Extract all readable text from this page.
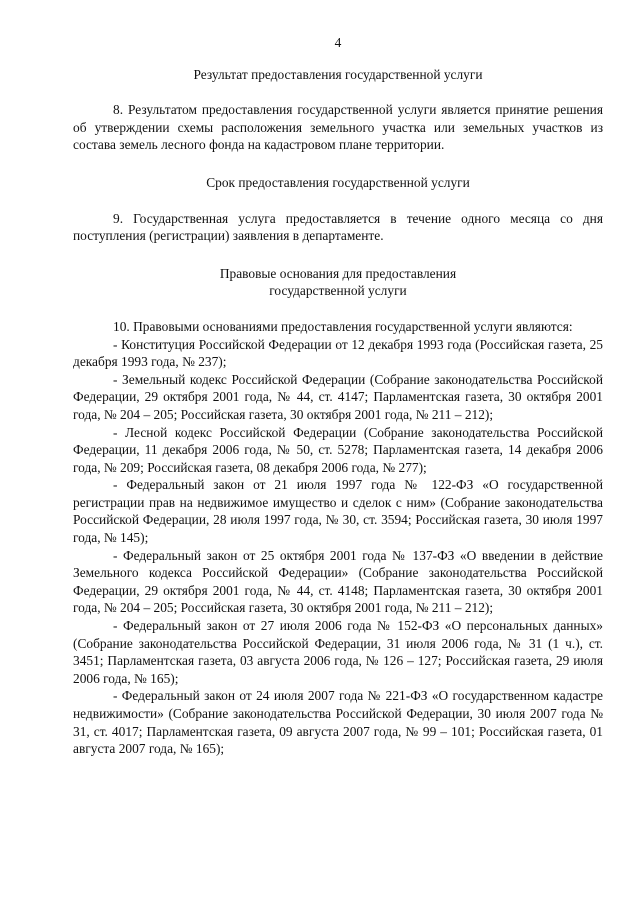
4

Результат предоставления государственной услуги

8. Результатом предоставления государственной услуги является принятие решения об утверждении схемы расположения земельного участка или земельных участков из состава земель лесного фонда на кадастровом плане территории.

Срок предоставления государственной услуги

9. Государственная услуга предоставляется в течение одного месяца со дня поступления (регистрации) заявления в департаменте.

Правовые основания для предоставления

государственной услуги

10. Правовыми основаниями предоставления государственной услуги являются:

- Конституция Российской Федерации от 12 декабря 1993 года (Российская газета, 25 декабря 1993 года, № 237);

- Земельный кодекс Российской Федерации (Собрание законодательства Российской Федерации, 29 октября 2001 года, № 44, ст. 4147; Парламентская газета, 30 октября 2001 года, № 204 – 205; Российская газета, 30 октября 2001 года, № 211 – 212);

- Лесной кодекс Российской Федерации (Собрание законодательства Российской Федерации, 11 декабря 2006 года, № 50, ст. 5278; Парламентская газета, 14 декабря 2006 года, № 209; Российская газета, 08 декабря 2006 года, № 277);

- Федеральный закон от 21 июля 1997 года № 122-ФЗ «О государственной регистрации прав на недвижимое имущество и сделок с ним» (Собрание законодательства Российской Федерации, 28 июля 1997 года, № 30, ст. 3594; Российская газета, 30 июля 1997 года, № 145);

- Федеральный закон от 25 октября 2001 года № 137-ФЗ «О введении в действие Земельного кодекса Российской Федерации» (Собрание законодательства Российской Федерации, 29 октября 2001 года, № 44, ст. 4148; Парламентская газета, 30 октября 2001 года, № 204 – 205; Российская газета, 30 октября 2001 года, № 211 – 212);

- Федеральный закон от 27 июля 2006 года № 152-ФЗ «О персональных данных» (Собрание законодательства Российской Федерации, 31 июля 2006 года, № 31 (1 ч.), ст. 3451; Парламентская газета, 03 августа 2006 года, № 126 – 127; Российская газета, 29 июля 2006 года, № 165);

- Федеральный закон от 24 июля 2007 года № 221-ФЗ «О государственном кадастре недвижимости» (Собрание законодательства Российской Федерации, 30 июля 2007 года № 31, ст. 4017; Парламентская газета, 09 августа 2007 года, № 99 – 101; Российская газета, 01 августа 2007 года, № 165);
